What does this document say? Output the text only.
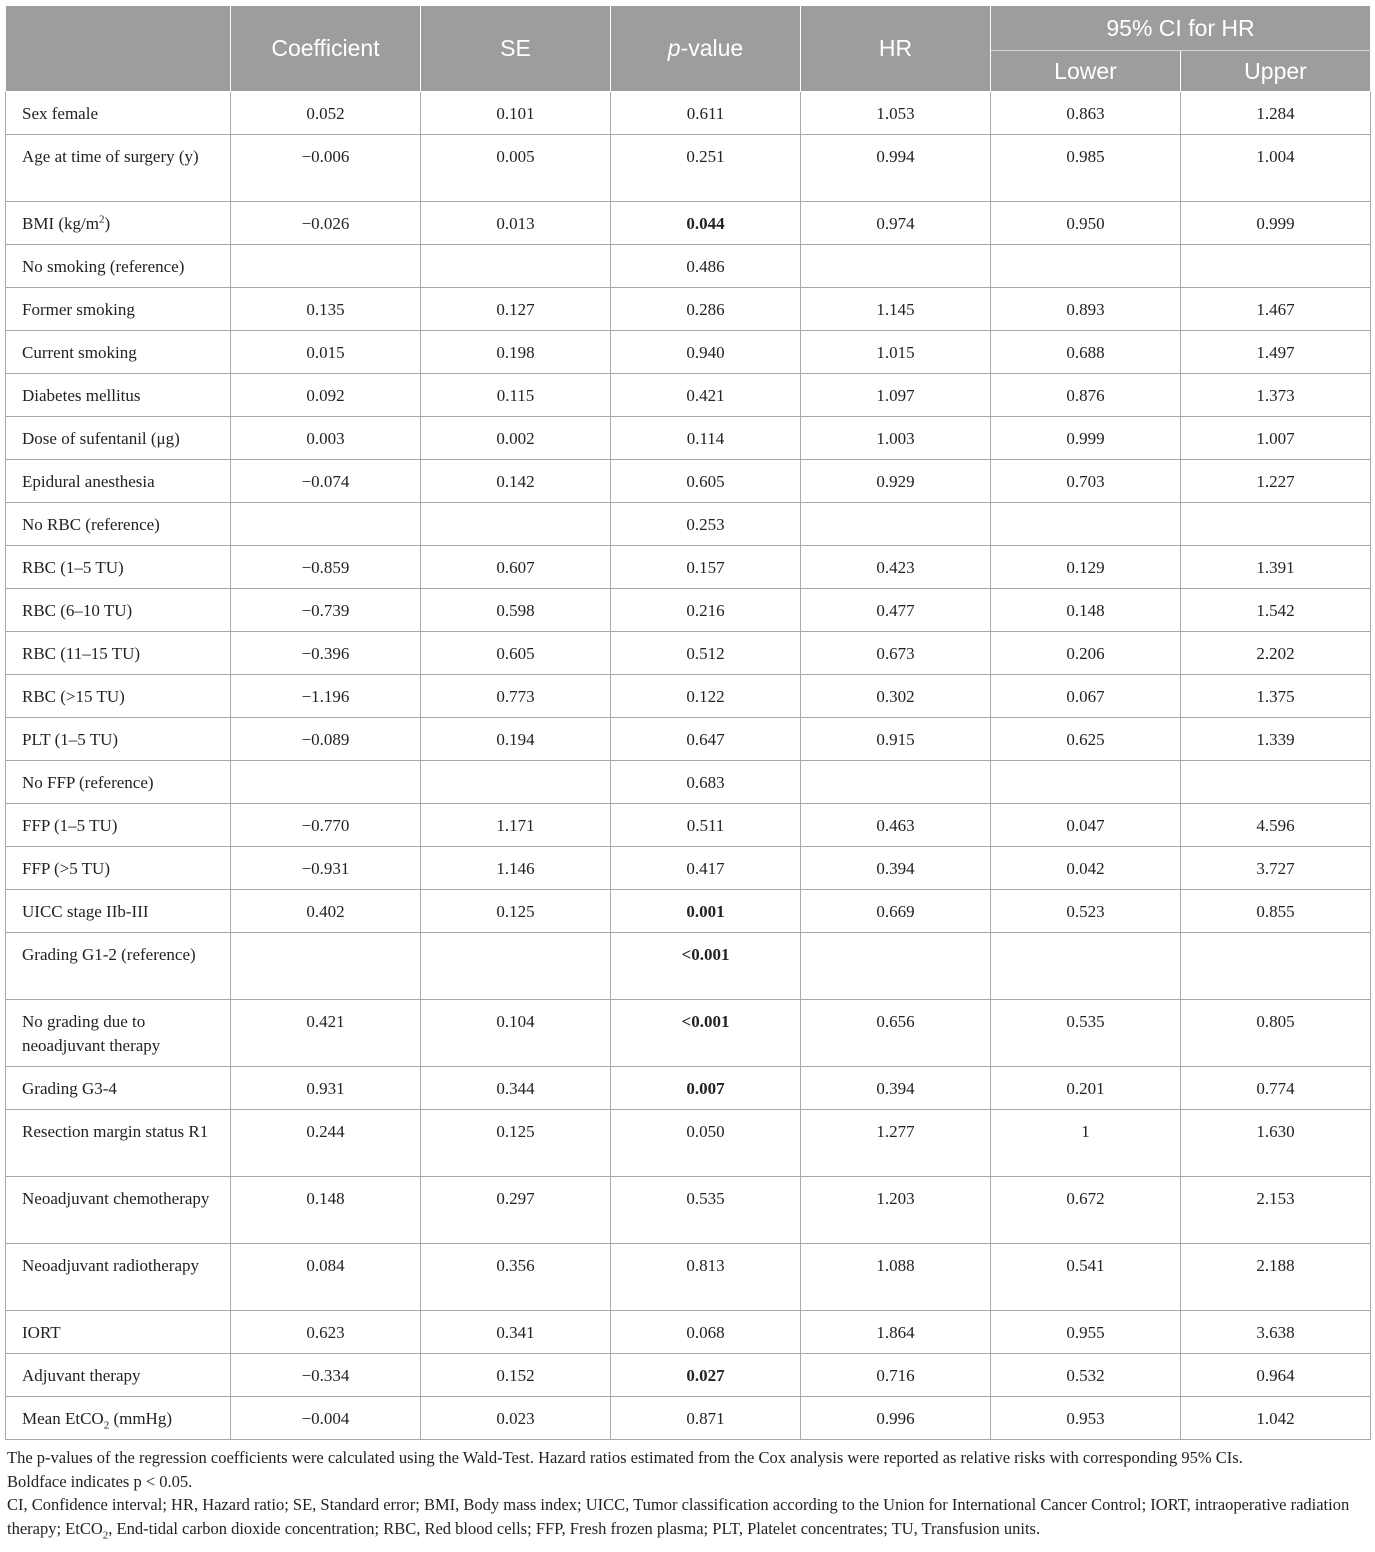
	Coefficient	SE	p-value	HR	95% CI for HR	
					Lower	Upper
Sex female	0.052	0.101	0.611	1.053	0.863	1.284
Age at time of surgery (y)	−0.006	0.005	0.251	0.994	0.985	1.004
BMI $(kg/m^2)$	−0.026	0.013	0.044	0.974	0.950	0.999
No smoking (reference)			0.486			
Former smoking	0.135	0.127	0.286	1.145	0.893	1.467
Current smoking	0.015	0.198	0.940	1.015	0.688	1.497
Diabetes mellitus	0.092	0.115	0.421	1.097	0.876	1.373
Dose of sufentanil (μg)	0.003	0.002	0.114	1.003	0.999	1.007
Epidural anesthesia	−0.074	0.142	0.605	0.929	0.703	1.227
No RBC (reference)			0.253			
RBC (1–5 TU)	−0.859	0.607	0.157	0.423	0.129	1.391
RBC (6–10 TU)	−0.739	0.598	0.216	0.477	0.148	1.542
RBC (11–15 TU)	−0.396	0.605	0.512	0.673	0.206	2.202
RBC (>15 TU)	−1.196	0.773	0.122	0.302	0.067	1.375
PLT (1–5 TU)	−0.089	0.194	0.647	0.915	0.625	1.339
No FFP (reference)			0.683			
FFP (1–5 TU)	−0.770	1.171	0.511	0.463	0.047	4.596
FFP (>5 TU)	−0.931	1.146	0.417	0.394	0.042	3.727
UICC stage IIb-III	0.402	0.125	0.001	0.669	0.523	0.855
Grading G1-2 (reference)			<0.001			
No grading due to neoadjuvant therapy	0.421	0.104	<0.001	0.656	0.535	0.805
Grading G3-4	0.931	0.344	0.007	0.394	0.201	0.774
Resection margin status R1	0.244	0.125	0.050	1.277	1	1.630
Neoadjuvant chemotherapy	0.148	0.297	0.535	1.203	0.672	2.153
Neoadjuvant radiotherapy	0.084	0.356	0.813	1.088	0.541	2.188
IORT	0.623	0.341	0.068	1.864	0.955	3.638
Adjuvant therapy	−0.334	0.152	0.027	0.716	0.532	0.964
Mean EtCO$_2$ (mmHg)	−0.004	0.023	0.871	0.996	0.953	1.042

The p-values of the regression coefficients were calculated using the Wald-Test. Hazard ratios estimated from the Cox analysis were reported as relative risks with corresponding 95% CIs.

Boldface indicates p < 0.05.

CI, Confidence interval; HR, Hazard ratio; SE, Standard error; BMI, Body mass index; UICC, Tumor classification according to the Union for International Cancer Control; IORT, intraoperative radiation therapy; EtCO$_2$, End-tidal carbon dioxide concentration; RBC, Red blood cells; FFP, Fresh frozen plasma; PLT, Platelet concentrates; TU, Transfusion units.
